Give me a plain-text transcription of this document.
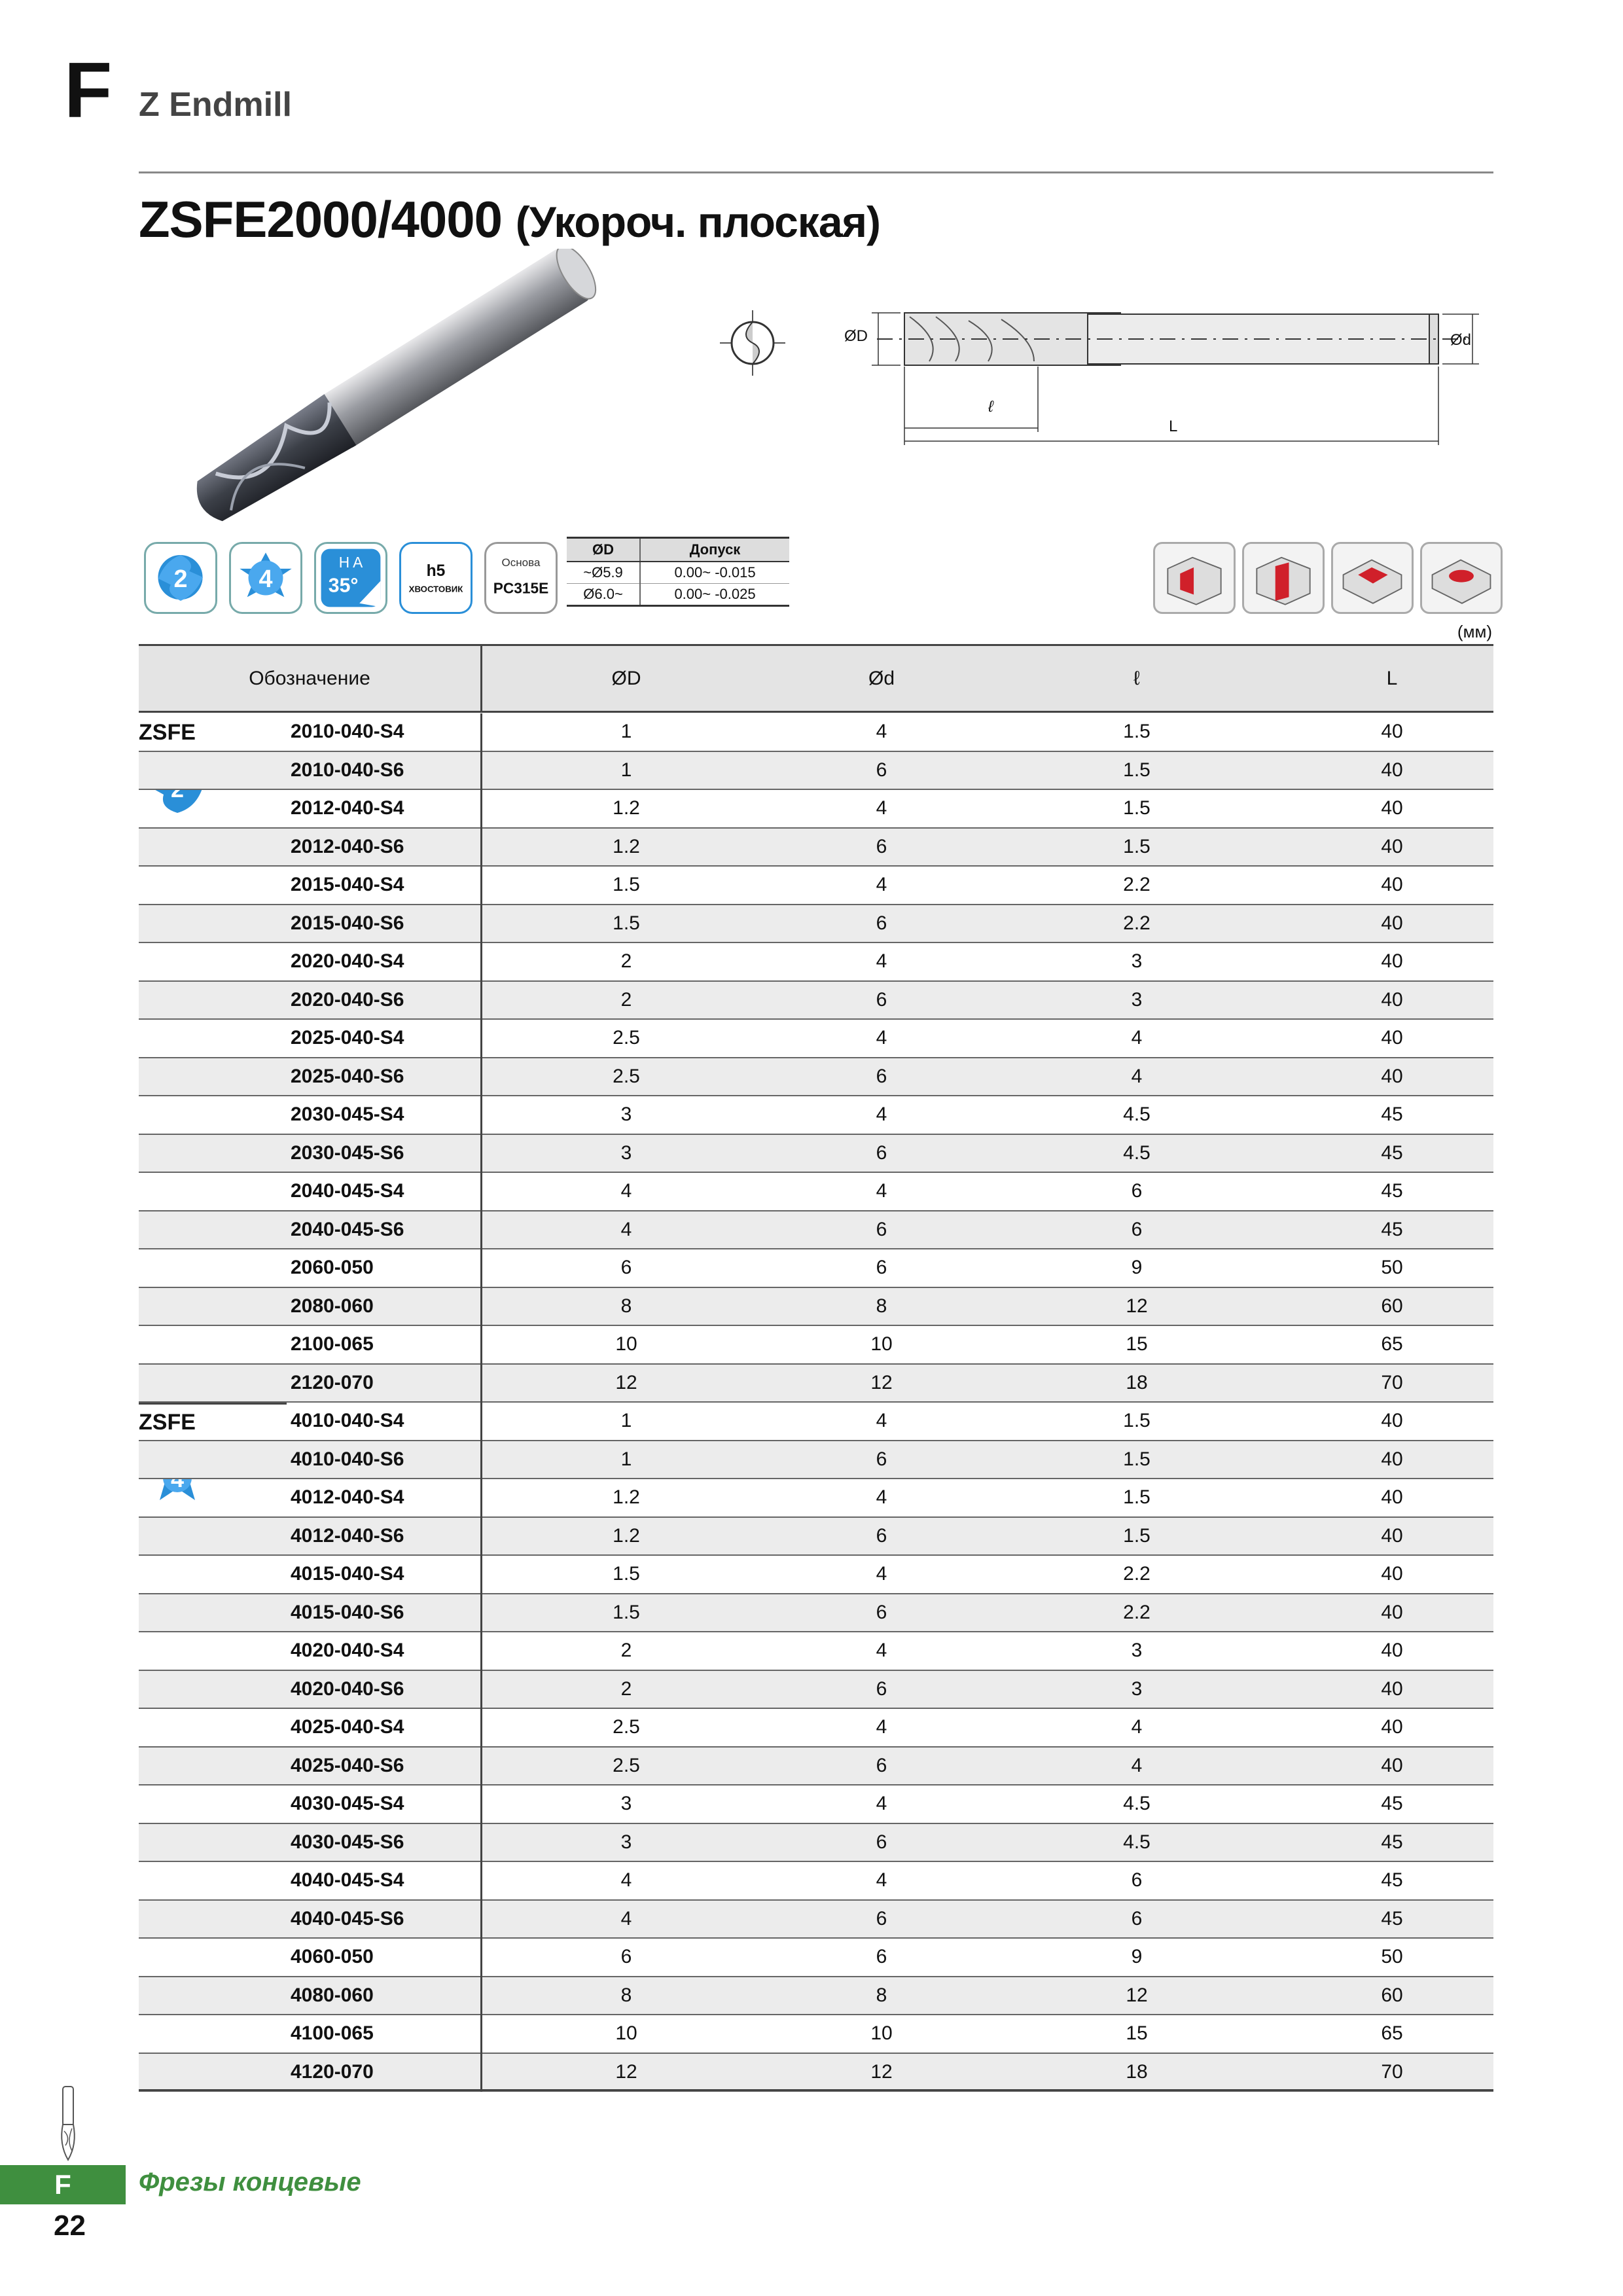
F Z Endmill
ZSFE2000/4000 (Укороч. плоская)
ØD	Ød
ℓ
L
2	4
H A
35°
h5
ХВОСТОВИК
Основа
PC315E
ØD	Допуск
~Ø5.9	0.00~ -0.015
Ø6.0~	0.00~ -0.025
(мм)
Обозначение	ØD	Ød	ℓ	L
ZSFE
ZSFE
2010-040-S4	1	4	1.5	40
2010-040-S6	1	6	1.5	40
2012-040-S4	1.2	4	1.5	40
2012-040-S6	1.2	6	1.5	40
2015-040-S4	1.5	4	2.2	40
2015-040-S6	1.5	6	2.2	40
2020-040-S4	2	4	3	40
2020-040-S6	2	6	3	40
2025-040-S4	2.5	4	4	40
2025-040-S6	2.5	6	4	40
2030-045-S4	3	4	4.5	45
2030-045-S6	3	6	4.5	45
2040-045-S4	4	4	6	45
2040-045-S6	4	6	6	45
2060-050	6	6	9	50
2080-060	8	8	12	60
2100-065	10	10	15	65
2120-070	12	12	18	70
4010-040-S4	1	4	1.5	40
4010-040-S6	1	6	1.5	40
4012-040-S4	1.2	4	1.5	40
4012-040-S6	1.2	6	1.5	40
4015-040-S4	1.5	4	2.2	40
4015-040-S6	1.5	6	2.2	40
4020-040-S4	2	4	3	40
4020-040-S6	2	6	3	40
4025-040-S4	2.5	4	4	40
4025-040-S6	2.5	6	4	40
4030-045-S4	3	4	4.5	45
4030-045-S6	3	6	4.5	45
4040-045-S4	4	4	6	45
4040-045-S6	4	6	6	45
4060-050	6	6	9	50
4080-060	8	8	12	60
4100-065	10	10	15	65
4120-070	12	12	18	70
F	Фрезы концевые
22
